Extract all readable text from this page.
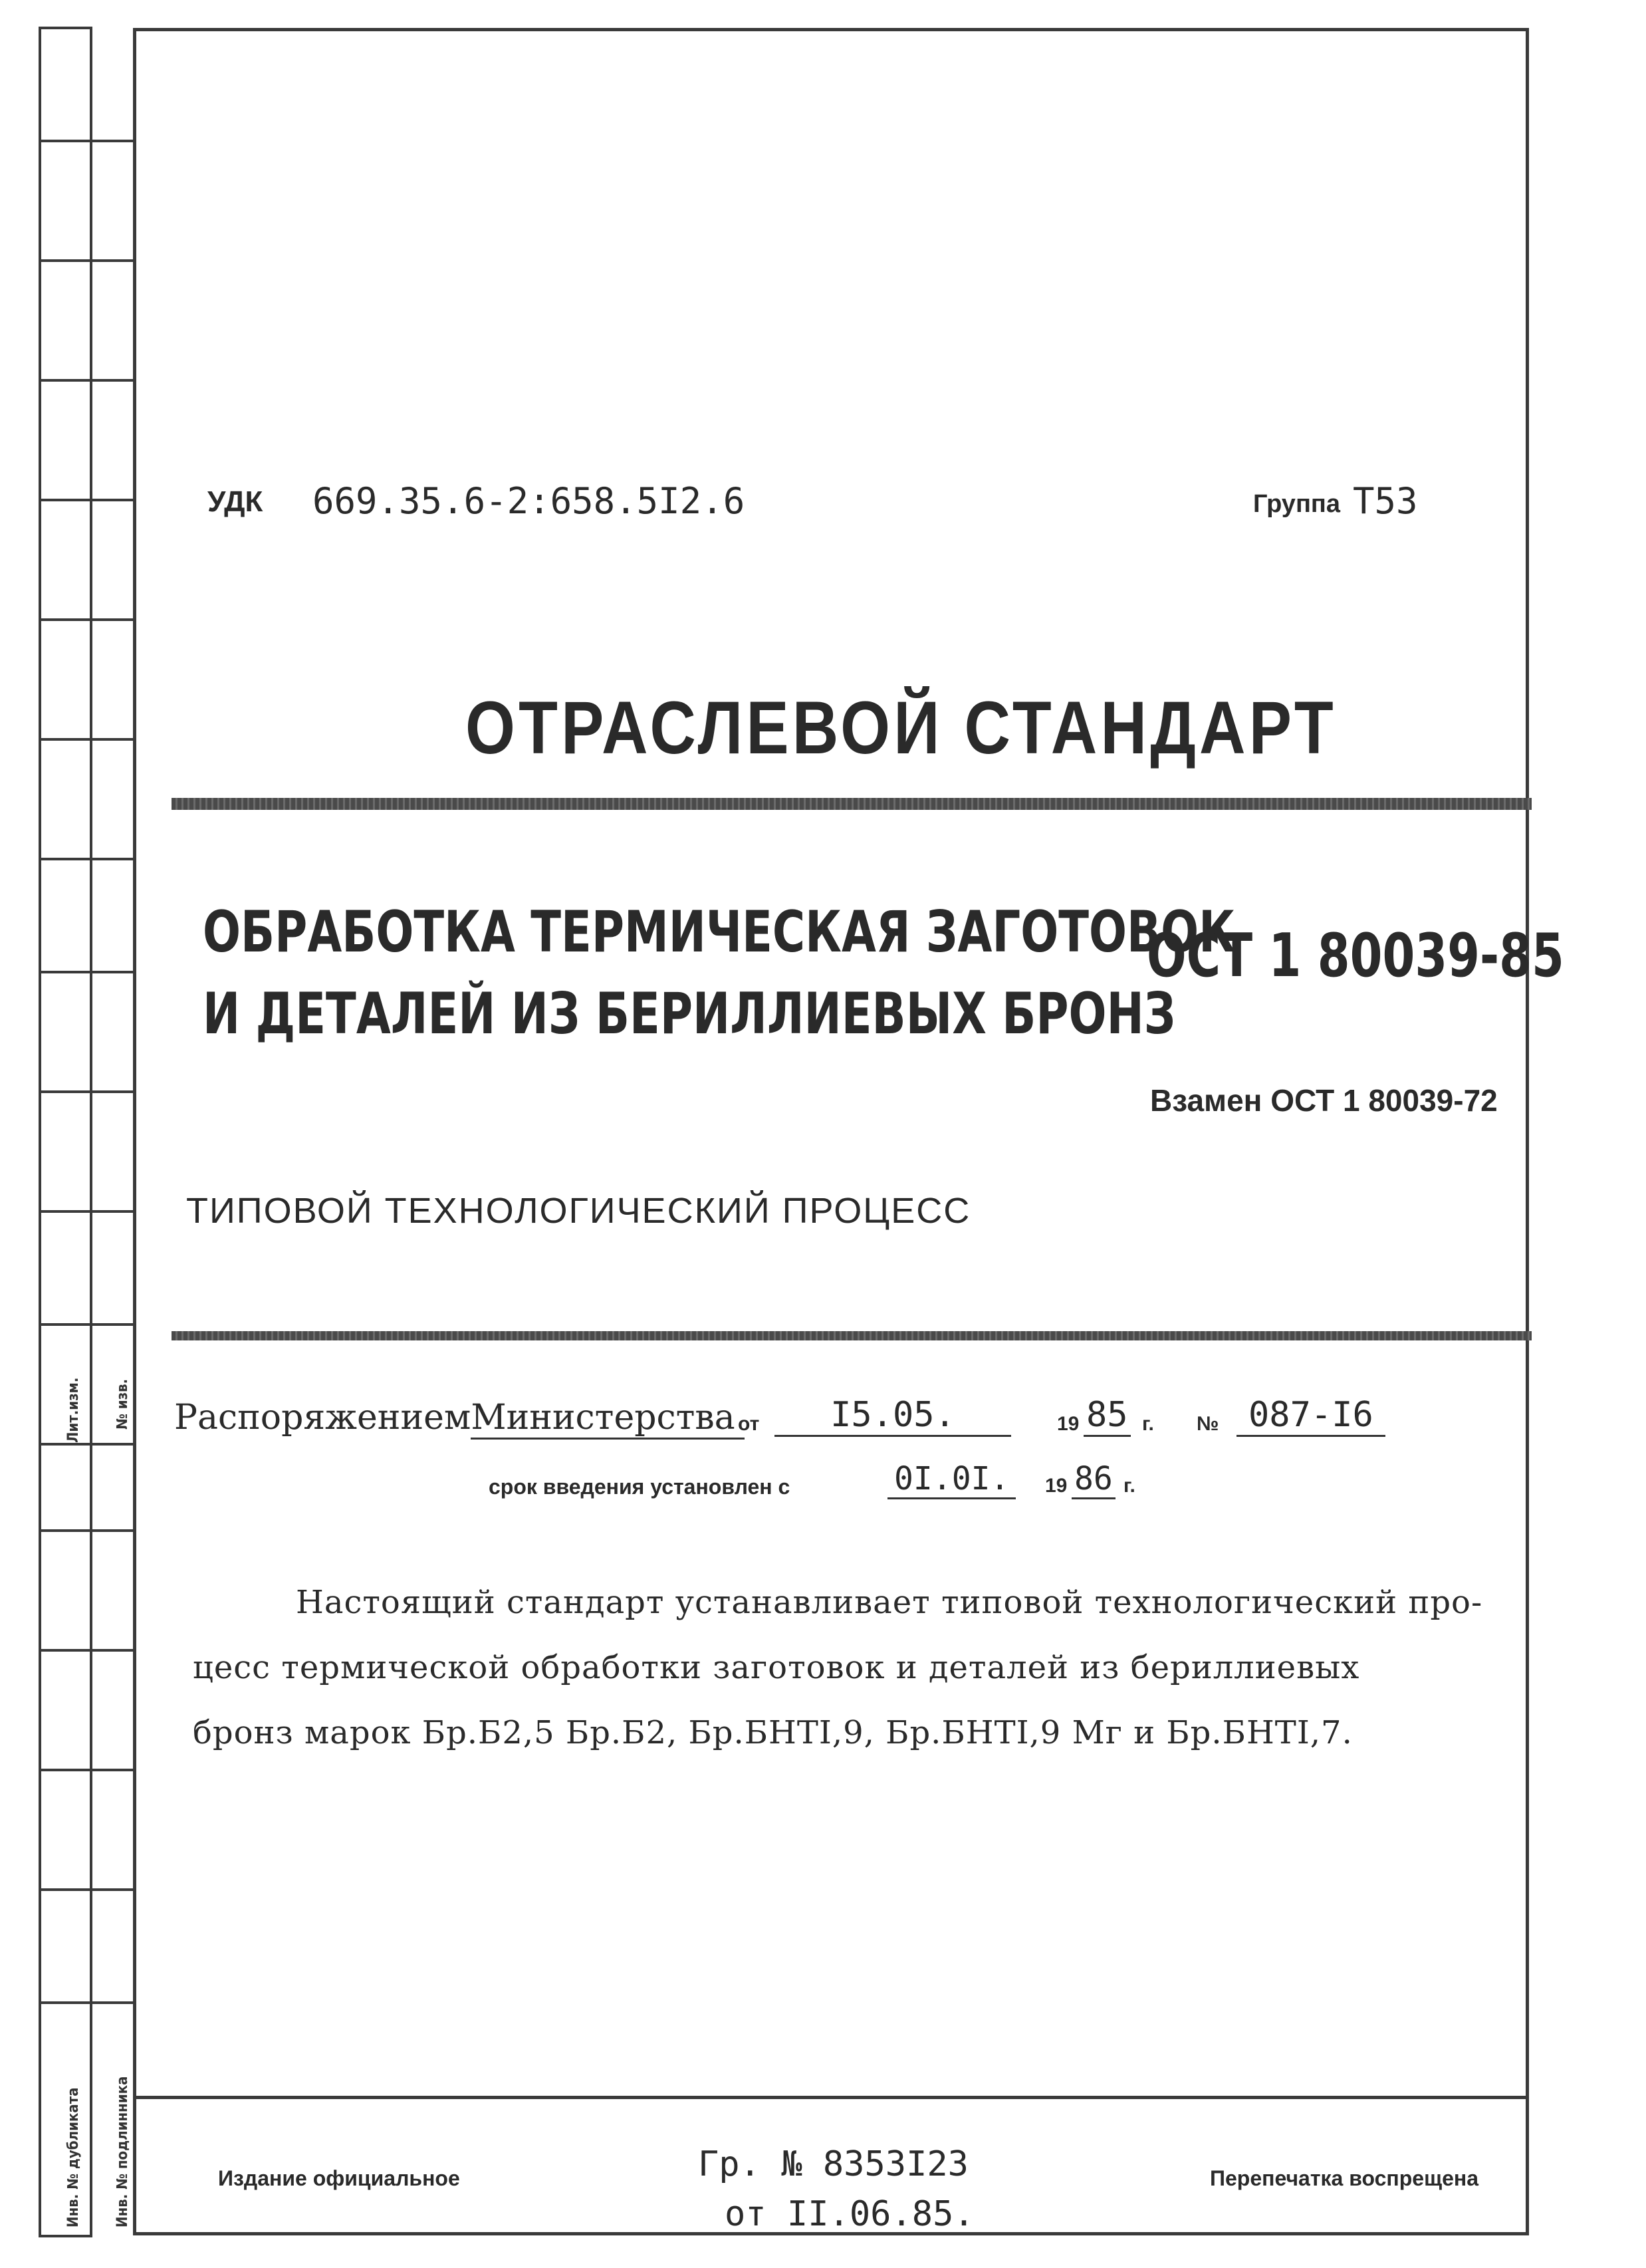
Лит.изм. № изв.
Инв. № дубликата Инв. № подлинника
УДК 669.35.6-2:658.5I2.6	Группа Т53
ОТРАСЛЕВОЙ СТАНДАРТ
ОБРАБОТКА ТЕРМИЧЕСКАЯ ЗАГОТОВОК
И ДЕТАЛЕЙ ИЗ БЕРИЛЛИЕВЫХ БРОНЗ
ОСТ 1 80039-85
Взамен ОСТ 1 80039-72
ТИПОВОЙ ТЕХНОЛОГИЧЕСКИЙ ПРОЦЕСС
РаспоряжениемМинистерства от	I5.05.	19 85 г. № 087-I6
срок введения установлен с	0I.0I.	19 86 г.
Настоящий стандарт устанавливает типовой технологический про-
цесс термической обработки заготовок и деталей из бериллиевых
бронз марок Бр.Б2,5 Бр.Б2, Бр.БНТI,9, Бр.БНТI,9 Мг и Бр.БНТI,7.
Издание официальное	Гр. № 8353I23
от II.06.85.
Перепечатка воспрещена
